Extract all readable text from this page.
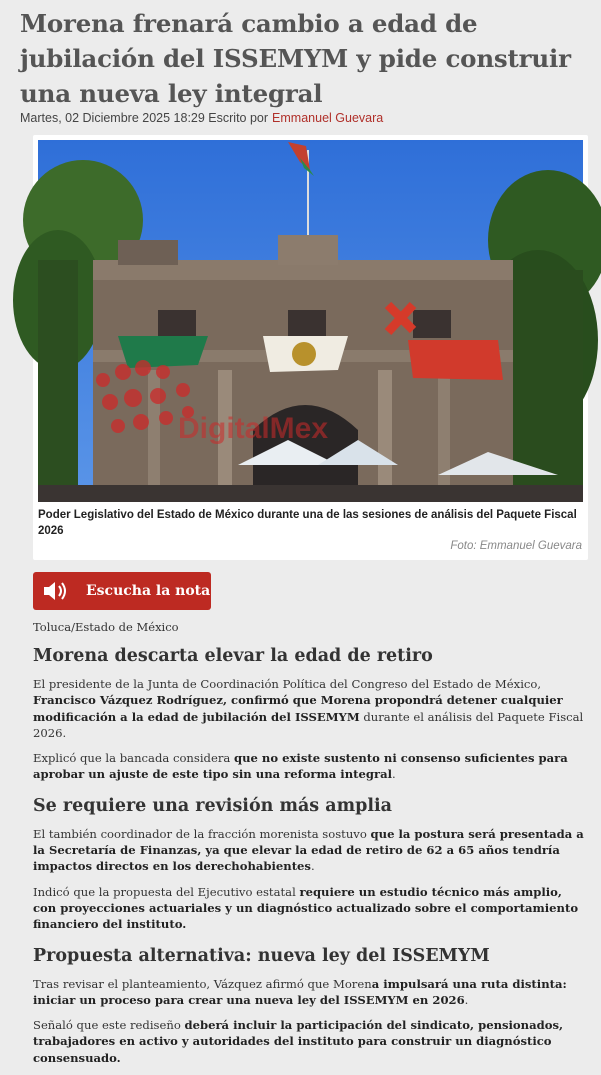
Morena frenará cambio a edad de jubilación del ISSEMYM y pide construir una nueva ley integral
Martes, 02 Diciembre 2025 18:29 Escrito por Emmanuel Guevara
DigitalMex
Poder Legislativo del Estado de México durante una de las sesiones de análisis del Paquete Fiscal 2026
Foto: Emmanuel Guevara
Escucha la nota
Toluca/Estado de México
Morena descarta elevar la edad de retiro

El presidente de la Junta de Coordinación Política del Congreso del Estado de México, Francisco Vázquez Rodríguez, confirmó que Morena propondrá detener cualquier modificación a la edad de jubilación del ISSEMYM durante el análisis del Paquete Fiscal 2026.

Explicó que la bancada considera que no existe sustento ni consenso suficientes para aprobar un ajuste de este tipo sin una reforma integral.

Se requiere una revisión más amplia

El también coordinador de la fracción morenista sostuvo que la postura será presentada a la Secretaría de Finanzas, ya que elevar la edad de retiro de 62 a 65 años tendría impactos directos en los derechohabientes.

Indicó que la propuesta del Ejecutivo estatal requiere un estudio técnico más amplio, con proyecciones actuariales y un diagnóstico actualizado sobre el comportamiento financiero del instituto.

Propuesta alternativa: nueva ley del ISSEMYM

Tras revisar el planteamiento, Vázquez afirmó que Morena impulsará una ruta distinta: iniciar un proceso para crear una nueva ley del ISSEMYM en 2026.

Señaló que este rediseño deberá incluir la participación del sindicato, pensionados, trabajadores en activo y autoridades del instituto para construir un diagnóstico consensuado.
